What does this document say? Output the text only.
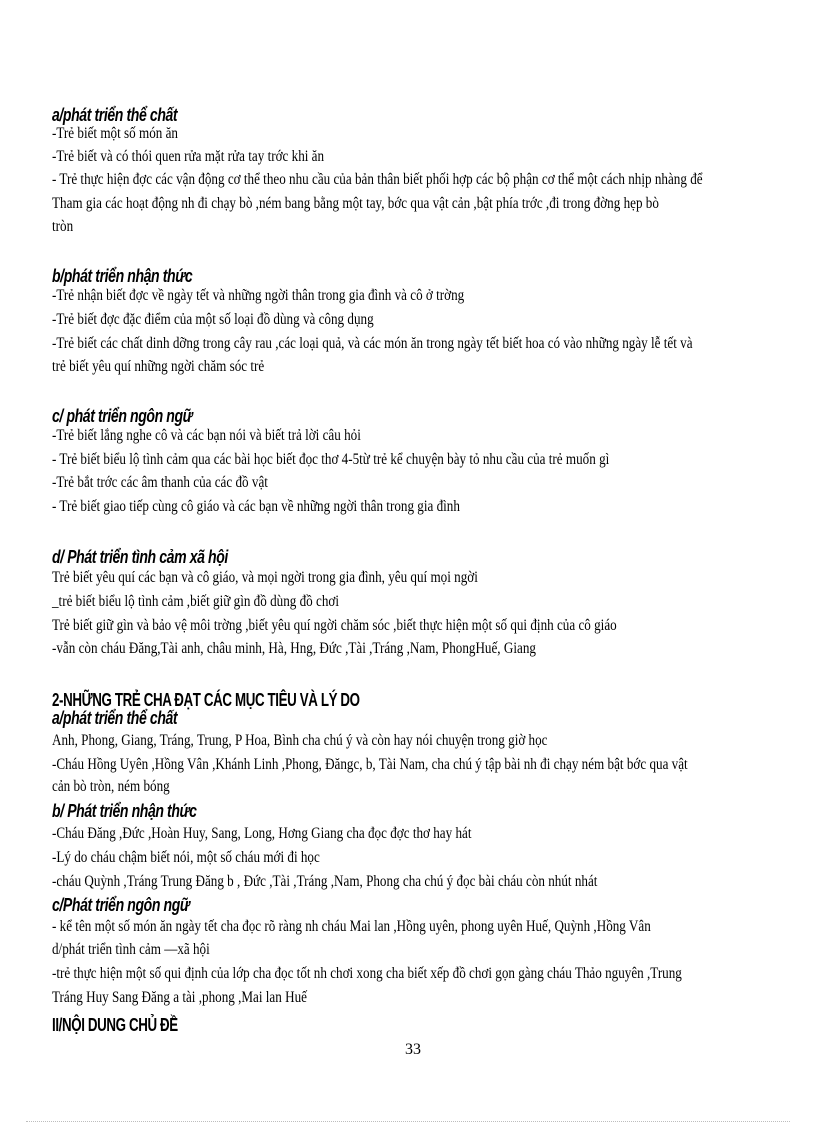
a/phát triển thể chất
-Trẻ biết một số món ăn
-Trẻ biết và có thói quen rửa mặt rửa tay trớc khi ăn
- Trẻ thực hiện đợc các vận động cơ thể theo nhu cầu của bản thân biết phối hợp các bộ phận cơ thể một cách nhịp nhàng để
Tham gia các hoạt động nh đi chạy bò ,ném bang bằng một tay, bớc qua vật cản ,bật phía trớc ,đi trong đờng hẹp bò
tròn
b/phát triển nhận thức
-Trẻ nhận biết đợc về ngày tết và những ngời thân trong gia đình và cô ở trờng
-Trẻ biết đợc đặc điểm của một số loại đồ dùng và công dụng
-Trẻ biết các chất dinh dỡng trong cây rau ,các loại quả, và các món ăn trong ngày tết biết hoa có vào những ngày lễ tết và
trẻ biết yêu quí những ngời chăm sóc trẻ
c/ phát triển ngôn ngữ
-Trẻ biết lắng nghe cô và các bạn nói và biết trả lời câu hỏi
- Trẻ biết biểu lộ tình cảm qua các bài học biết đọc thơ 4-5từ trẻ kể chuyện bày tỏ nhu cầu của trẻ muốn gì
-Trẻ bắt trớc các âm thanh của các đồ vật
- Trẻ biết giao tiếp cùng cô giáo và các bạn về những ngời thân trong gia đình
d/ Phát triển tình cảm xã hội
Trẻ biết yêu quí các bạn và cô giáo, và mọi ngời trong gia đình, yêu quí mọi ngời
_trẻ biết biểu lộ tình cảm ,biết giữ gìn đồ dùng đồ chơi
Trẻ biết giữ gìn và bảo vệ môi trờng ,biết yêu quí ngời chăm sóc ,biết thực hiện một số qui định của cô giáo
-vẫn còn cháu Đăng,Tài anh, châu minh, Hà, Hng, Đức ,Tài ,Tráng ,Nam, PhongHuế, Giang
2-NHỮNG TRẺ CHA ĐẠT CÁC MỤC TIÊU VÀ LÝ DO
a/phát triển thể chất
Anh, Phong, Giang, Tráng, Trung, P Hoa, Bình cha chú ý và còn hay nói chuyện trong giờ học
-Cháu Hồng Uyên ,Hồng Vân ,Khánh Linh ,Phong, Đăngc, b, Tài Nam, cha chú ý tập bài nh đi chạy ném bật bớc qua vật
cản bò tròn, ném bóng
b/ Phát triển nhận thức
-Cháu Đăng ,Đức ,Hoàn Huy, Sang, Long, Hơng Giang cha đọc đợc thơ hay hát
-Lý do cháu chậm biết nói, một số cháu mới đi học
-cháu Quỳnh ,Tráng Trung Đăng b , Đức ,Tài ,Tráng ,Nam, Phong cha chú ý đọc bài cháu còn nhút nhát
c/Phát triển ngôn ngữ
- kể tên một số món ăn ngày tết cha đọc rõ ràng nh cháu Mai lan ,Hồng uyên, phong uyên Huế, Quỳnh ,Hồng Vân
d/phát triển tình cảm —xã hội
-trẻ thực hiện một số qui định của lớp cha đọc tốt nh chơi xong cha biết xếp đồ chơi gọn gàng cháu Thảo nguyên ,Trung
Tráng Huy Sang Đăng a tài ,phong ,Mai lan Huế
II/NỘI DUNG CHỦ ĐỀ
33
